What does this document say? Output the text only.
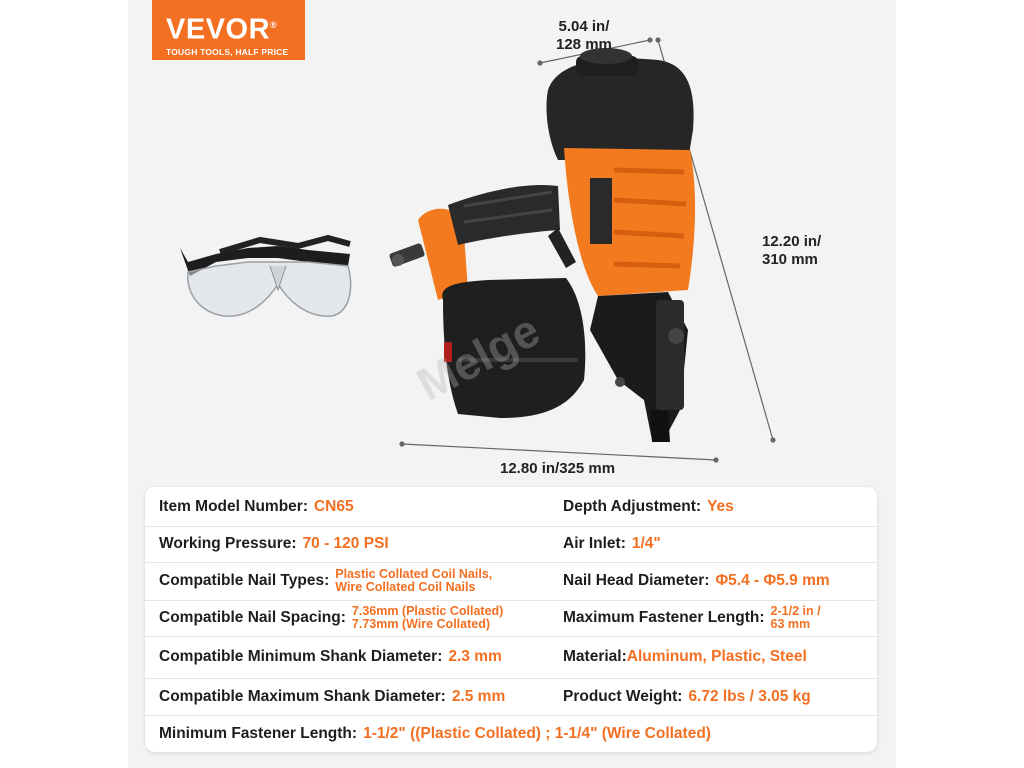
VEVOR®
TOUGH TOOLS, HALF PRICE
5.04 in/
128 mm
12.20 in/
310 mm
12.80 in/325 mm
Melge
Item Model Number: CN65	Depth Adjustment: Yes
Working Pressure: 70 - 120 PSI	Air Inlet: 1/4"
Compatible Nail Types: Plastic Collated Coil Nails,
Wire Collated Coil Nails	Nail Head Diameter: Φ5.4 - Φ5.9 mm
Compatible Nail Spacing: 7.36mm (Plastic Collated)
7.73mm (Wire Collated)	Maximum Fastener Length: 2-1/2 in /
63 mm
Compatible Minimum Shank Diameter: 2.3 mm	Material: Aluminum, Plastic, Steel
Compatible Maximum Shank Diameter: 2.5 mm	Product Weight: 6.72 lbs / 3.05 kg
Minimum Fastener Length: 1-1/2" ((Plastic Collated) ; 1-1/4" (Wire Collated)
